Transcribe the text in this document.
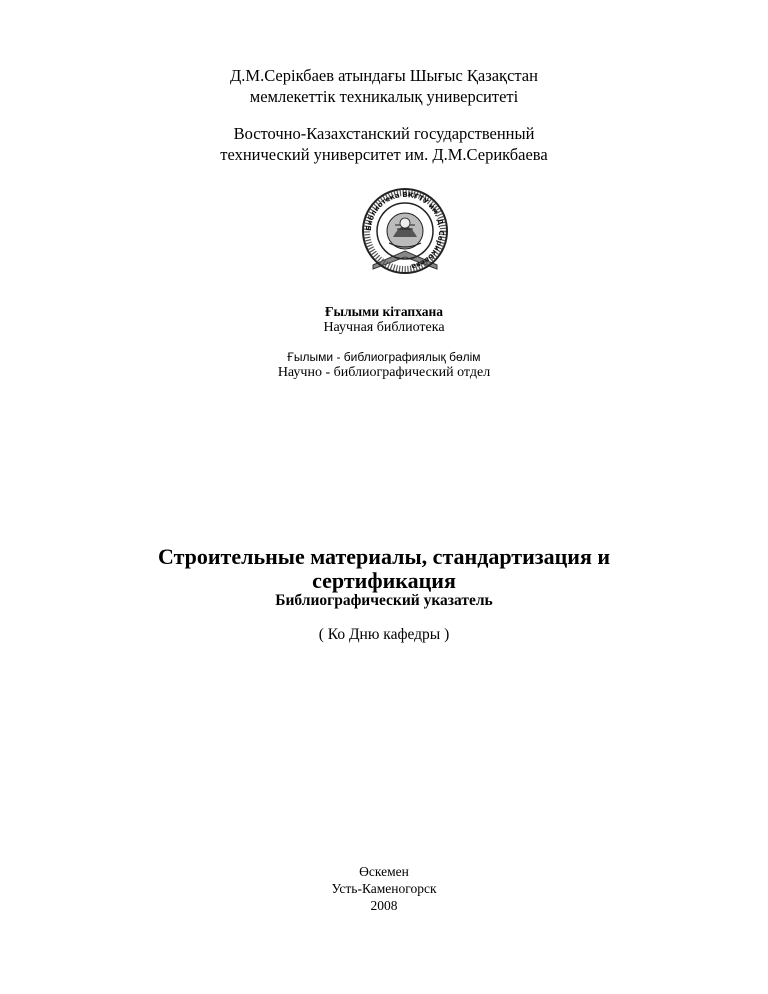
Д.М.Серікбаев атындағы Шығыс Қазақстан
мемлекеттік техникалық университеті
Восточно-Казахстанский государственный
технический университет им. Д.М.Серикбаева
Библиотека ВКГТУ им. Д. Серикбаева
Ғылыми кітапхана
Научная библиотека
Ғылыми - библиографиялық бөлім
Научно - библиографический отдел
Строительные материалы, стандартизация и
сертификация
Библиографический указатель
( Ко Дню кафедры )
Өскемен
Усть-Каменогорск
2008
